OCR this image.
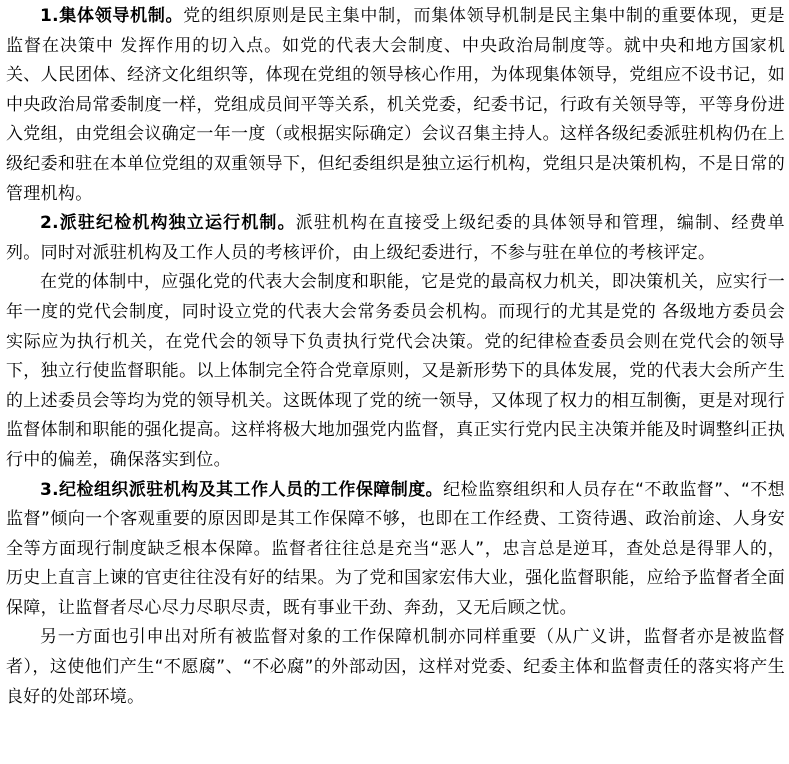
1.集体领导机制。党的组织原则是民主集中制，而集体领导机制是民主集中制的重要体现，更是监督在决策中 发挥作用的切入点。如党的代表大会制度、中央政治局制度等。就中央和地方国家机关、人民团体、经济文化组织等，体现在党组的领导核心作用，为体现集体领导，党组应不设书记，如中央政治局常委制度一样，党组成员间平等关系，机关党委，纪委书记，行政有关领导等，平等身份进入党组，由党组会议确定一年一度（或根据实际确定）会议召集主持人。这样各级纪委派驻机构仍在上级纪委和驻在本单位党组的双重领导下，但纪委组织是独立运行机构，党组只是决策机构，不是日常的管理机构。

2.派驻纪检机构独立运行机制。派驻机构在直接受上级纪委的具体领导和管理，编制、经费单列。同时对派驻机构及工作人员的考核评价，由上级纪委进行，不参与驻在单位的考核评定。

在党的体制中，应强化党的代表大会制度和职能，它是党的最高权力机关，即决策机关，应实行一年一度的党代会制度，同时设立党的代表大会常务委员会机构。而现行的尤其是党的 各级地方委员会实际应为执行机关，在党代会的领导下负责执行党代会决策。党的纪律检查委员会则在党代会的领导下，独立行使监督职能。以上体制完全符合党章原则，又是新形势下的具体发展，党的代表大会所产生的上述委员会等均为党的领导机关。这既体现了党的统一领导，又体现了权力的相互制衡，更是对现行监督体制和职能的强化提高。这样将极大地加强党内监督，真正实行党内民主决策并能及时调整纠正执行中的偏差，确保落实到位。

3.纪检组织派驻机构及其工作人员的工作保障制度。纪检监察组织和人员存在“不敢监督”、“不想监督”倾向一个客观重要的原因即是其工作保障不够，也即在工作经费、工资待遇、政治前途、人身安全等方面现行制度缺乏根本保障。监督者往往总是充当“恶人”，忠言总是逆耳，查处总是得罪人的，历史上直言上谏的官吏往往没有好的结果。为了党和国家宏伟大业，强化监督职能，应给予监督者全面保障，让监督者尽心尽力尽职尽责，既有事业干劲、奔劲，又无后顾之忧。

另一方面也引申出对所有被监督对象的工作保障机制亦同样重要（从广义讲，监督者亦是被监督者），这使他们产生“不愿腐”、“不必腐”的外部动因，这样对党委、纪委主体和监督责任的落实将产生良好的处部环境。
